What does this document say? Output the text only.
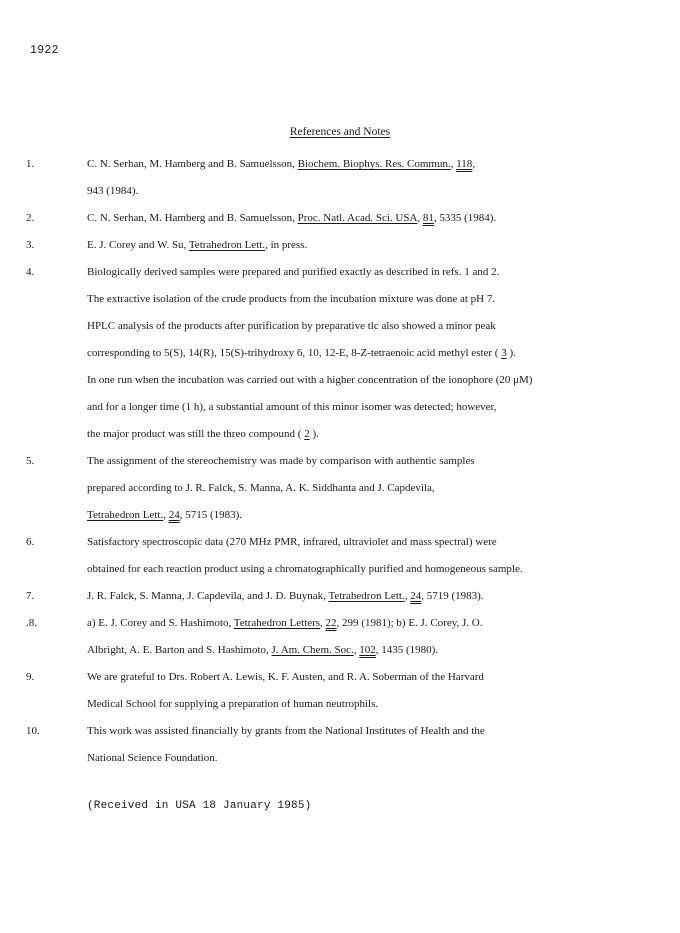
1922
References and Notes
1.	C. N. Serhan, M. Hamberg and B. Samuelsson, Biochem. Biophys. Res. Commun., 118,
943 (1984).
2.	C. N. Serhan, M. Hamberg and B. Samuelsson, Proc. Natl. Acad. Sci. USA, 81, 5335 (1984).
3.	E. J. Corey and W. Su, Tetrahedron Lett., in press.
4.	Biologically derived samples were prepared and purified exactly as described in refs. 1 and 2.
The extractive isolation of the crude products from the incubation mixture was done at pH 7.
HPLC analysis of the products after purification by preparative tlc also showed a minor peak
corresponding to 5(S), 14(R), 15(S)-trihydroxy 6, 10, 12-E, 8-Z-tetraenoic acid methyl ester ( 3 ).
In one run when the incubation was carried out with a higher concentration of the ionophore (20 μM)
and for a longer time (1 h), a substantial amount of this minor isomer was detected; however,
the major product was still the threo compound ( 2 ).
5.	The assignment of the stereochemistry was made by comparison with authentic samples
prepared according to J. R. Falck, S. Manna, A. K. Siddhanta and J. Capdevila,
Tetrahedron Lett., 24, 5715 (1983).
6.	Satisfactory spectroscopic data (270 MHz PMR, infrared, ultraviolet and mass spectral) were
obtained for each reaction product using a chromatographically purified and homogeneous sample.
7.	J. R. Falck, S. Manna, J. Capdevila, and J. D. Buynak, Tetrahedron Lett., 24, 5719 (1983).
.8.	a) E. J. Corey and S. Hashimoto, Tetrahedron Letters, 22, 299 (1981); b) E. J. Corey, J. O.
Albright, A. E. Barton and S. Hashimoto, J. Am. Chem. Soc., 102, 1435 (1980).
9.	We are grateful to Drs. Robert A. Lewis, K. F. Austen, and R. A. Soberman of the Harvard
Medical School for supplying a preparation of human neutrophils.
10.	This work was assisted financially by grants from the National Institutes of Health and the
National Science Foundation.
(Received in USA 18 January 1985)
